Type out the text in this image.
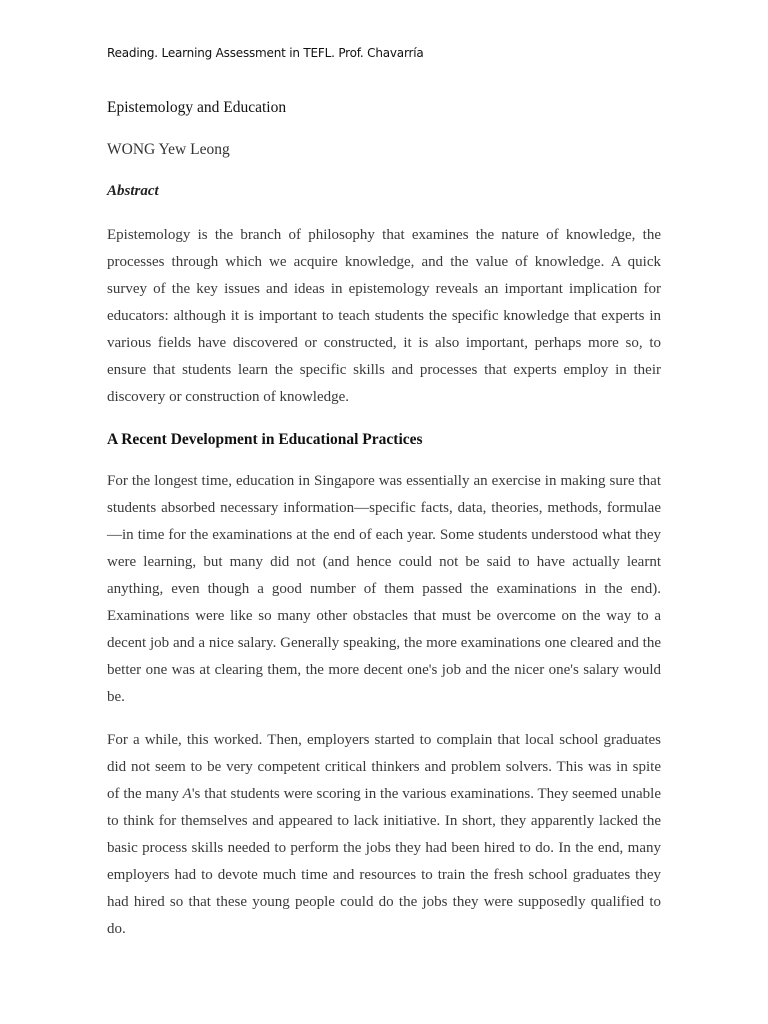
Reading. Learning Assessment in TEFL. Prof. Chavarría
Epistemology and Education

WONG Yew Leong

Abstract

Epistemology is the branch of philosophy that examines the nature of knowledge, the processes through which we acquire knowledge, and the value of knowledge. A quick survey of the key issues and ideas in epistemology reveals an important implication for educators: although it is important to teach students the specific knowledge that experts in various fields have discovered or constructed, it is also important, perhaps more so, to ensure that students learn the specific skills and processes that experts employ in their discovery or construction of knowledge.

A Recent Development in Educational Practices

For the longest time, education in Singapore was essentially an exercise in making sure that students absorbed necessary information—specific facts, data, theories, methods, formulae—in time for the examinations at the end of each year. Some students understood what they were learning, but many did not (and hence could not be said to have actually learnt anything, even though a good number of them passed the examinations in the end). Examinations were like so many other obstacles that must be overcome on the way to a decent job and a nice salary. Generally speaking, the more examinations one cleared and the better one was at clearing them, the more decent one's job and the nicer one's salary would be.

For a while, this worked. Then, employers started to complain that local school graduates did not seem to be very competent critical thinkers and problem solvers. This was in spite of the many A's that students were scoring in the various examinations. They seemed unable to think for themselves and appeared to lack initiative. In short, they apparently lacked the basic process skills needed to perform the jobs they had been hired to do. In the end, many employers had to devote much time and resources to train the fresh school graduates they had hired so that these young people could do the jobs they were supposedly qualified to do.
